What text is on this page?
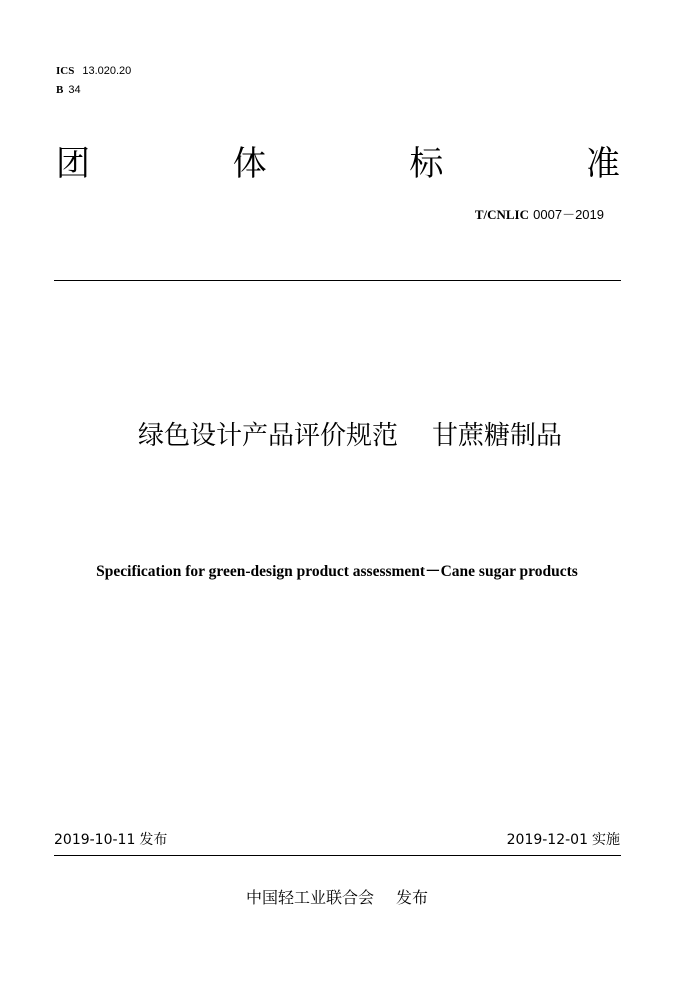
ICS 13.020.20
B 34
团	体	标	准
T/CNLIC 0007－2019
绿色设计产品评价规范 甘蔗糖制品
Specification for green-design product assessment－Cane sugar products
2019-10-11 发布	2019-12-01 实施
中国轻工业联合会 发布
